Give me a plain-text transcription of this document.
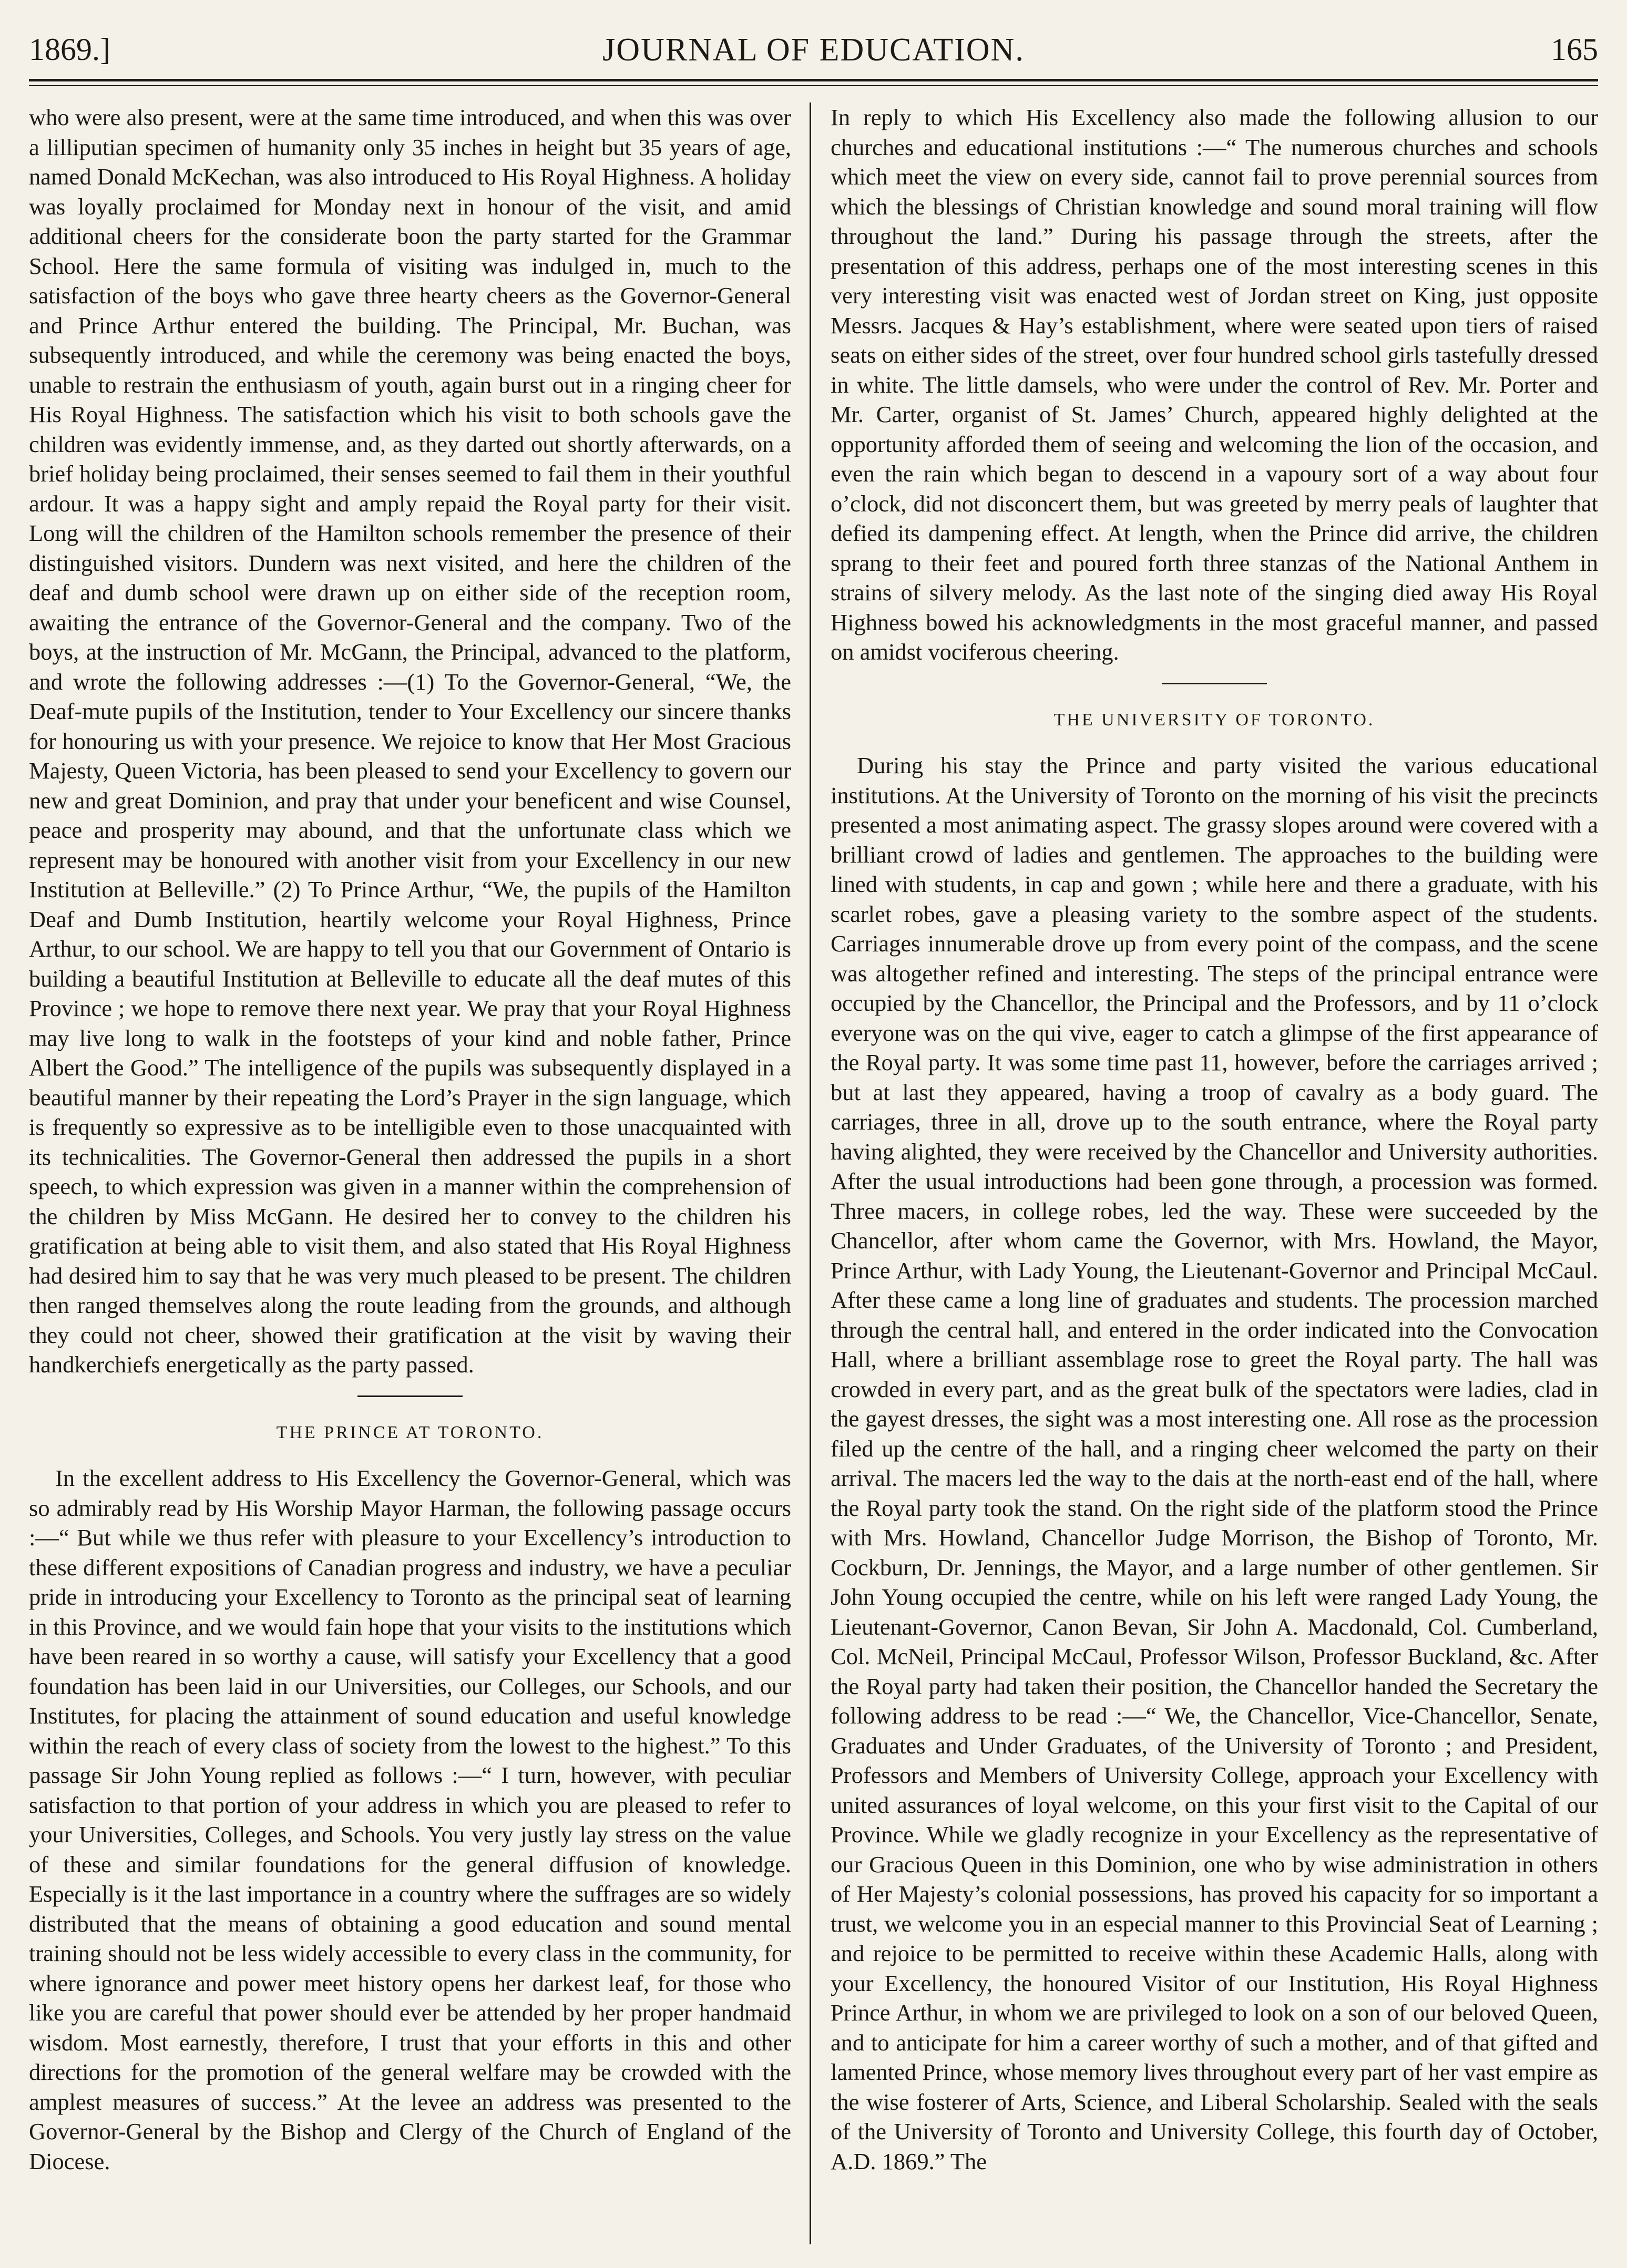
1869.]	JOURNAL OF EDUCATION.	165

who were also present, were at the same time introduced, and when this was over a lilliputian specimen of humanity only 35 inches in height but 35 years of age, named Donald McKechan, was also introduced to His Royal Highness. A holiday was loyally proclaimed for Monday next in honour of the visit, and amid additional cheers for the considerate boon the party started for the Grammar School. Here the same formula of visiting was indulged in, much to the satisfaction of the boys who gave three hearty cheers as the Governor-General and Prince Arthur entered the building. The Principal, Mr. Buchan, was subsequently introduced, and while the ceremony was being enacted the boys, unable to restrain the enthusiasm of youth, again burst out in a ringing cheer for His Royal Highness. The satisfaction which his visit to both schools gave the children was evidently immense, and, as they darted out shortly afterwards, on a brief holiday being proclaimed, their senses seemed to fail them in their youthful ardour. It was a happy sight and amply repaid the Royal party for their visit. Long will the children of the Hamilton schools remember the presence of their distinguished visitors. Dundern was next visited, and here the children of the deaf and dumb school were drawn up on either side of the reception room, awaiting the entrance of the Governor-General and the company. Two of the boys, at the instruction of Mr. McGann, the Principal, advanced to the platform, and wrote the following addresses :—(1) To the Governor-General, “We, the Deaf-mute pupils of the Institution, tender to Your Excellency our sincere thanks for honouring us with your presence. We rejoice to know that Her Most Gracious Majesty, Queen Victoria, has been pleased to send your Excellency to govern our new and great Dominion, and pray that under your beneficent and wise Counsel, peace and prosperity may abound, and that the unfortunate class which we represent may be honoured with another visit from your Excellency in our new Institution at Belleville.” (2) To Prince Arthur, “We, the pupils of the Hamilton Deaf and Dumb Institution, heartily welcome your Royal Highness, Prince Arthur, to our school. We are happy to tell you that our Government of Ontario is building a beautiful Institution at Belleville to educate all the deaf mutes of this Province ; we hope to remove there next year. We pray that your Royal Highness may live long to walk in the footsteps of your kind and noble father, Prince Albert the Good.” The intelligence of the pupils was subsequently displayed in a beautiful manner by their repeating the Lord’s Prayer in the sign language, which is frequently so expressive as to be intelligible even to those unacquainted with its technicalities. The Governor-General then addressed the pupils in a short speech, to which expression was given in a manner within the comprehension of the children by Miss McGann. He desired her to convey to the children his gratification at being able to visit them, and also stated that His Royal Highness had desired him to say that he was very much pleased to be present. The children then ranged themselves along the route leading from the grounds, and although they could not cheer, showed their gratification at the visit by waving their handkerchiefs energetically as the party passed.

THE PRINCE AT TORONTO.

In the excellent address to His Excellency the Governor-General, which was so admirably read by His Worship Mayor Harman, the following passage occurs :—“ But while we thus refer with pleasure to your Excellency’s introduction to these different expositions of Canadian progress and industry, we have a peculiar pride in introducing your Excellency to Toronto as the principal seat of learning in this Province, and we would fain hope that your visits to the institutions which have been reared in so worthy a cause, will satisfy your Excellency that a good foundation has been laid in our Universities, our Colleges, our Schools, and our Institutes, for placing the attainment of sound education and useful knowledge within the reach of every class of society from the lowest to the highest.” To this passage Sir John Young replied as follows :—“ I turn, however, with peculiar satisfaction to that portion of your address in which you are pleased to refer to your Universities, Colleges, and Schools. You very justly lay stress on the value of these and similar foundations for the general diffusion of knowledge. Especially is it the last importance in a country where the suffrages are so widely distributed that the means of obtaining a good education and sound mental training should not be less widely accessible to every class in the community, for where ignorance and power meet history opens her darkest leaf, for those who like you are careful that power should ever be attended by her proper handmaid wisdom. Most earnestly, therefore, I trust that your efforts in this and other directions for the promotion of the general welfare may be crowded with the amplest measures of success.” At the levee an address was presented to the Governor-General by the Bishop and Clergy of the Church of England of the Diocese.

In reply to which His Excellency also made the following allusion to our churches and educational institutions :—“ The numerous churches and schools which meet the view on every side, cannot fail to prove perennial sources from which the blessings of Christian knowledge and sound moral training will flow throughout the land.” During his passage through the streets, after the presentation of this address, perhaps one of the most interesting scenes in this very interesting visit was enacted west of Jordan street on King, just opposite Messrs. Jacques & Hay’s establishment, where were seated upon tiers of raised seats on either sides of the street, over four hundred school girls tastefully dressed in white. The little damsels, who were under the control of Rev. Mr. Porter and Mr. Carter, organist of St. James’ Church, appeared highly delighted at the opportunity afforded them of seeing and welcoming the lion of the occasion, and even the rain which began to descend in a vapoury sort of a way about four o’clock, did not disconcert them, but was greeted by merry peals of laughter that defied its dampening effect. At length, when the Prince did arrive, the children sprang to their feet and poured forth three stanzas of the National Anthem in strains of silvery melody. As the last note of the singing died away His Royal Highness bowed his acknowledgments in the most graceful manner, and passed on amidst vociferous cheering.

THE UNIVERSITY OF TORONTO.

During his stay the Prince and party visited the various educational institutions. At the University of Toronto on the morning of his visit the precincts presented a most animating aspect. The grassy slopes around were covered with a brilliant crowd of ladies and gentlemen. The approaches to the building were lined with students, in cap and gown ; while here and there a graduate, with his scarlet robes, gave a pleasing variety to the sombre aspect of the students. Carriages innumerable drove up from every point of the compass, and the scene was altogether refined and interesting. The steps of the principal entrance were occupied by the Chancellor, the Principal and the Professors, and by 11 o’clock everyone was on the qui vive, eager to catch a glimpse of the first appearance of the Royal party. It was some time past 11, however, before the carriages arrived ; but at last they appeared, having a troop of cavalry as a body guard. The carriages, three in all, drove up to the south entrance, where the Royal party having alighted, they were received by the Chancellor and University authorities. After the usual introductions had been gone through, a procession was formed. Three macers, in college robes, led the way. These were succeeded by the Chancellor, after whom came the Governor, with Mrs. Howland, the Mayor, Prince Arthur, with Lady Young, the Lieutenant-Governor and Principal McCaul. After these came a long line of graduates and students. The procession marched through the central hall, and entered in the order indicated into the Convocation Hall, where a brilliant assemblage rose to greet the Royal party. The hall was crowded in every part, and as the great bulk of the spectators were ladies, clad in the gayest dresses, the sight was a most interesting one. All rose as the procession filed up the centre of the hall, and a ringing cheer welcomed the party on their arrival. The macers led the way to the dais at the north-east end of the hall, where the Royal party took the stand. On the right side of the platform stood the Prince with Mrs. Howland, Chancellor Judge Morrison, the Bishop of Toronto, Mr. Cockburn, Dr. Jennings, the Mayor, and a large number of other gentlemen. Sir John Young occupied the centre, while on his left were ranged Lady Young, the Lieutenant-Governor, Canon Bevan, Sir John A. Macdonald, Col. Cumberland, Col. McNeil, Principal McCaul, Professor Wilson, Professor Buckland, &c. After the Royal party had taken their position, the Chancellor handed the Secretary the following address to be read :—“ We, the Chancellor, Vice-Chancellor, Senate, Graduates and Under Graduates, of the University of Toronto ; and President, Professors and Members of University College, approach your Excellency with united assurances of loyal welcome, on this your first visit to the Capital of our Province. While we gladly recognize in your Excellency as the representative of our Gracious Queen in this Dominion, one who by wise administration in others of Her Majesty’s colonial possessions, has proved his capacity for so important a trust, we welcome you in an especial manner to this Provincial Seat of Learning ; and rejoice to be permitted to receive within these Academic Halls, along with your Excellency, the honoured Visitor of our Institution, His Royal Highness Prince Arthur, in whom we are privileged to look on a son of our beloved Queen, and to anticipate for him a career worthy of such a mother, and of that gifted and lamented Prince, whose memory lives throughout every part of her vast empire as the wise fosterer of Arts, Science, and Liberal Scholarship. Sealed with the seals of the University of Toronto and University College, this fourth day of October, A.D. 1869.” The
